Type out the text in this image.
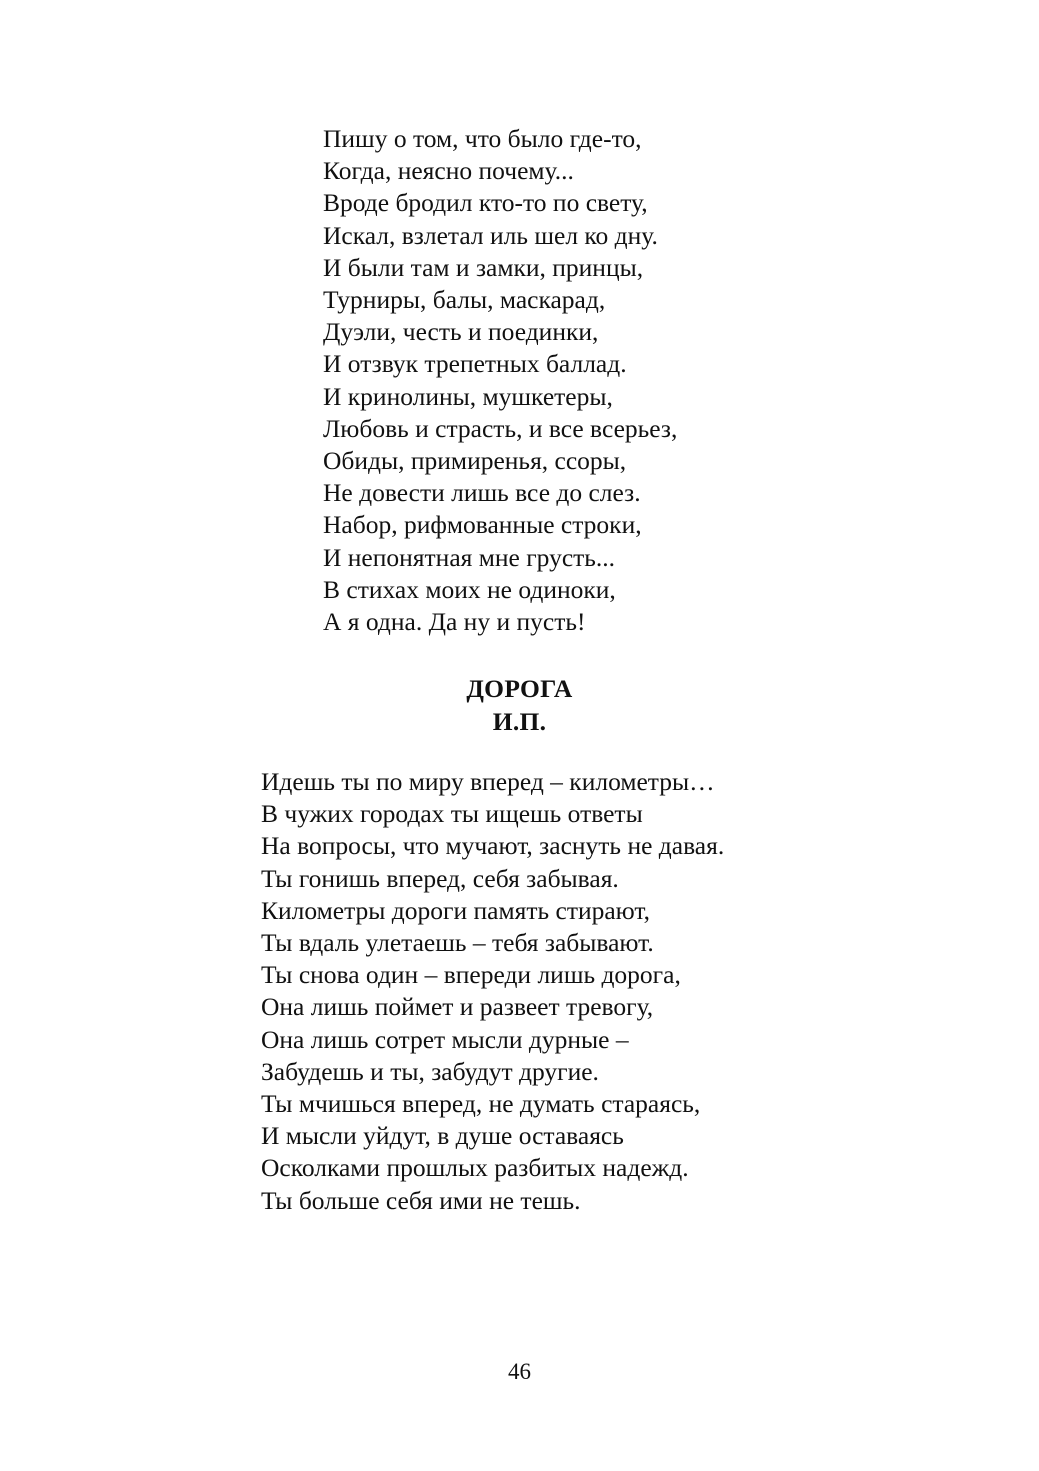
Пишу о том, что было где-то,
Когда, неясно почему...
Вроде бродил кто-то по свету,
Искал, взлетал иль шел ко дну.
И были там и замки, принцы,
Турниры, балы, маскарад,
Дуэли, честь и поединки,
И отзвук трепетных баллад.
И кринолины, мушкетеры,
Любовь и страсть, и все всерьез,
Обиды, примиренья, ссоры,
Не довести лишь все до слез.
Набор, рифмованные строки,
И непонятная мне грусть...
В стихах моих не одиноки,
А я одна. Да ну и пусть!
ДОРОГА
И.П.
Идешь ты по миру вперед – километры…
В чужих городах ты ищешь ответы
На вопросы, что мучают, заснуть не давая.
Ты гонишь вперед, себя забывая.
Километры дороги память стирают,
Ты вдаль улетаешь – тебя забывают.
Ты снова один – впереди лишь дорога,
Она лишь поймет и развеет тревогу,
Она лишь сотрет мысли дурные –
Забудешь и ты, забудут другие.
Ты мчишься вперед, не думать стараясь,
И мысли уйдут, в душе оставаясь
Осколками прошлых разбитых надежд.
Ты больше себя ими не тешь.
46
